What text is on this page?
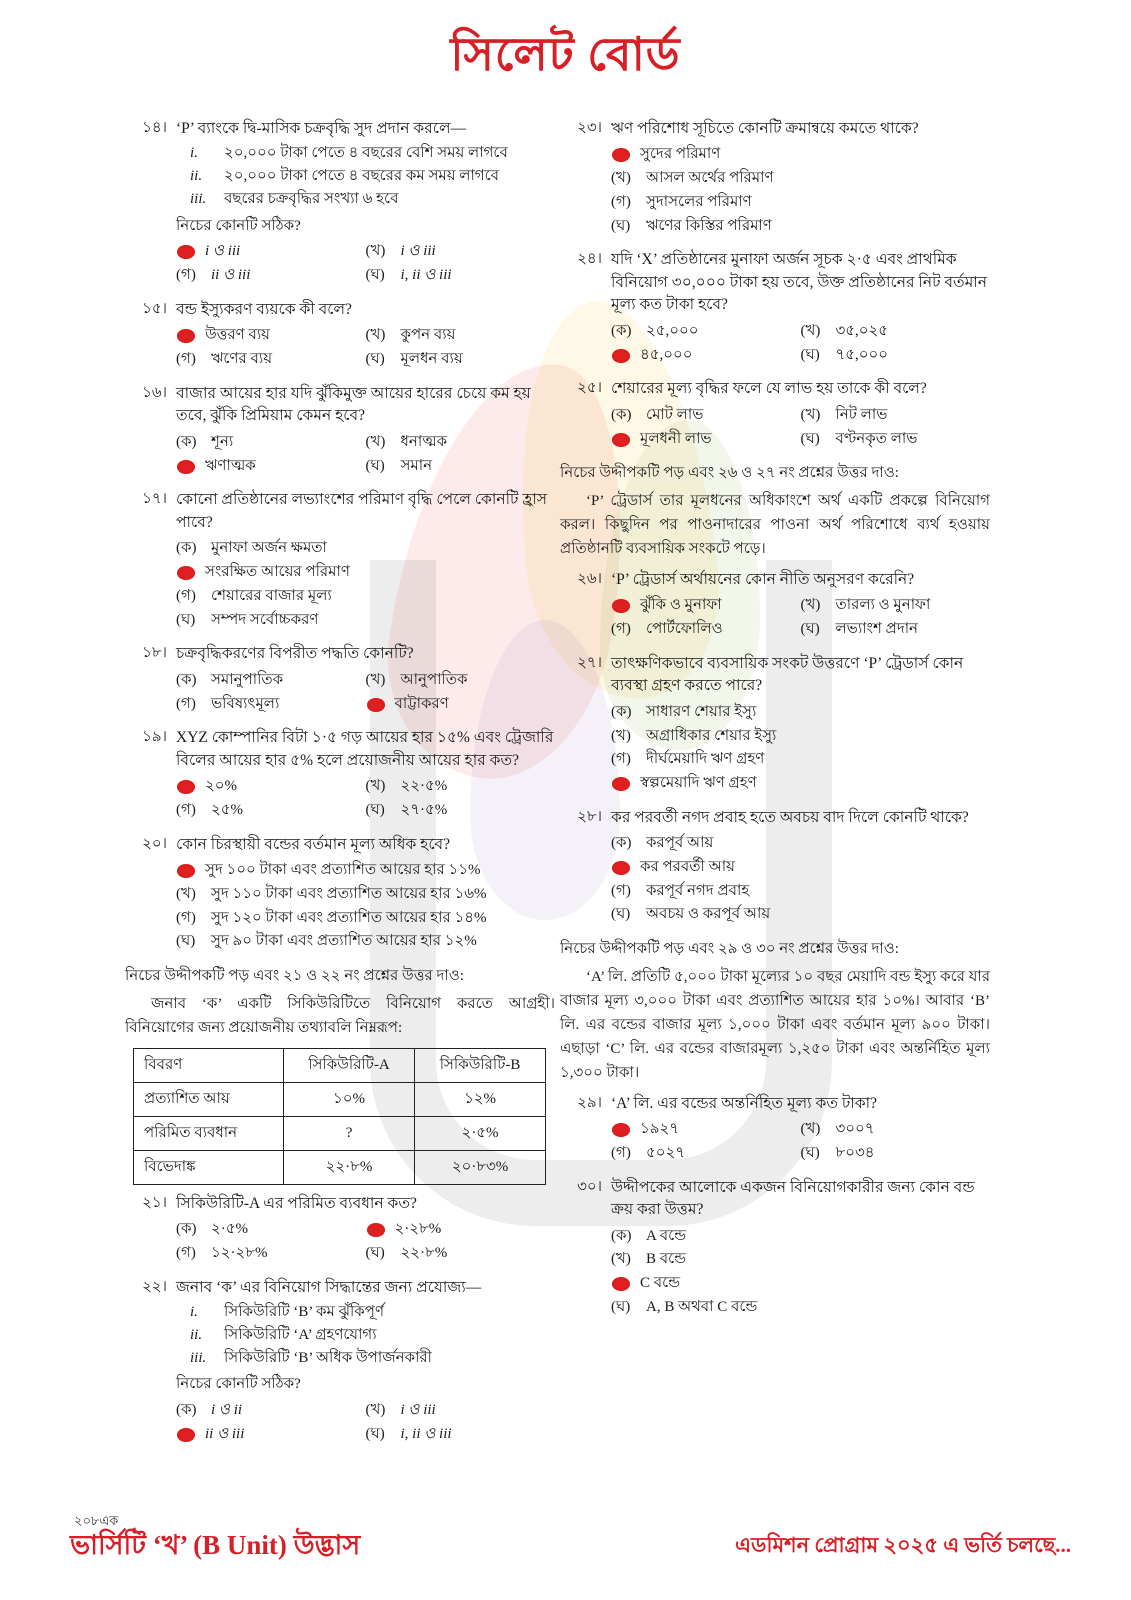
সিলেট বোর্ড
১৪। ‘P’ ব্যাংকে দ্বি-মাসিক চক্রবৃদ্ধি সুদ প্রদান করলে—
i.	২০,০০০ টাকা পেতে ৪ বছরের বেশি সময় লাগবে
ii.	২০,০০০ টাকা পেতে ৪ বছরের কম সময় লাগবে
iii.	বছরের চক্রবৃদ্ধির সংখ্যা ৬ হবে
নিচের কোনটি সঠিক?
i ও iii	(খ)	i ও iii
(গ)	ii ও iii	(ঘ)	i, ii ও iii
১৫। বন্ড ইস্যুকরণ ব্যয়কে কী বলে?
উত্তরণ ব্যয়	(খ)	কুপন ব্যয়
(গ)	ঋণের ব্যয়	(ঘ)	মূলধন ব্যয়
১৬। বাজার আয়ের হার যদি ঝুঁকিমুক্ত আয়ের হারের চেয়ে কম হয় তবে, ঝুঁকি প্রিমিয়াম কেমন হবে?
(ক) শূন্য	(খ)	ধনাত্মক
ঋণাত্মক	(ঘ)	সমান
১৭। কোনো প্রতিষ্ঠানের লভ্যাংশের পরিমাণ বৃদ্ধি পেলে কোনটি হ্রাস পাবে?
(ক) মুনাফা অর্জন ক্ষমতা
সংরক্ষিত আয়ের পরিমাণ
(গ)	শেয়ারের বাজার মূল্য
(ঘ)	সম্পদ সর্বোচ্চকরণ
১৮। চক্রবৃদ্ধিকরণের বিপরীত পদ্ধতি কোনটি?
(ক) সমানুপাতিক	(খ)	আনুপাতিক
(গ)	ভবিষ্যৎমূল্য	বাট্টাকরণ
১৯। XYZ কোম্পানির বিটা ১·৫ গড় আয়ের হার ১৫% এবং ট্রেজারি বিলের আয়ের হার ৫% হলে প্রয়োজনীয় আয়ের হার কত?
২০%	(খ)	২২·৫%
(গ)	২৫%	(ঘ)	২৭·৫%
২০। কোন চিরস্থায়ী বন্ডের বর্তমান মূল্য অধিক হবে?
সুদ ১০০ টাকা এবং প্রত্যাশিত আয়ের হার ১১%
(খ)	সুদ ১১০ টাকা এবং প্রত্যাশিত আয়ের হার ১৬%
(গ)	সুদ ১২০ টাকা এবং প্রত্যাশিত আয়ের হার ১৪%
(ঘ)	সুদ ৯০ টাকা এবং প্রত্যাশিত আয়ের হার ১২%
নিচের উদ্দীপকটি পড় এবং ২১ ও ২২ নং প্রশ্নের উত্তর দাও:
জনাব ‘ক’ একটি সিকিউরিটিতে বিনিয়োগ করতে আগ্রহী। বিনিয়োগের জন্য প্রয়োজনীয় তথ্যাবলি নিম্নরূপ:
বিবরণ	সিকিউরিটি-A	সিকিউরিটি-B
প্রত্যাশিত আয়	১০%	১২%
পরিমিত ব্যবধান	?	২·৫%
বিভেদাঙ্ক	২২·৮%	২০·৮৩%
২১। সিকিউরিটি-A এর পরিমিত ব্যবধান কত?
(ক) ২·৫%	২·২৮%
(গ)	১২·২৮%	(ঘ)	২২·৮%
২২। জনাব ‘ক’ এর বিনিয়োগ সিদ্ধান্তের জন্য প্রযোজ্য—
i.	সিকিউরিটি ‘B’ কম ঝুঁকিপূর্ণ
ii.	সিকিউরিটি ‘A’ গ্রহণযোগ্য
iii.	সিকিউরিটি ‘B’ অধিক উপার্জনকারী
নিচের কোনটি সঠিক?
(ক) i ও ii	(খ)	i ও iii
ii ও iii	(ঘ)	i, ii ও iii
২৩। ঋণ পরিশোধ সূচিতে কোনটি ক্রমান্বয়ে কমতে থাকে?
সুদের পরিমাণ
(খ)	আসল অর্থের পরিমাণ
(গ)	সুদাসলের পরিমাণ
(ঘ)	ঋণের কিস্তির পরিমাণ
২৪। যদি ‘X’ প্রতিষ্ঠানের মুনাফা অর্জন সূচক ২·৫ এবং প্রাথমিক বিনিয়োগ ৩০,০০০ টাকা হয় তবে, উক্ত প্রতিষ্ঠানের নিট বর্তমান মূল্য কত টাকা হবে?
(ক) ২৫,০০০	(খ)	৩৫,০২৫
৪৫,০০০	(ঘ)	৭৫,০০০
২৫। শেয়ারের মূল্য বৃদ্ধির ফলে যে লাভ হয় তাকে কী বলে?
(ক) মোট লাভ	(খ)	নিট লাভ
মূলধনী লাভ	(ঘ)	বণ্টনকৃত লাভ
নিচের উদ্দীপকটি পড় এবং ২৬ ও ২৭ নং প্রশ্নের উত্তর দাও:
‘P’ ট্রেডার্স তার মূলধনের অধিকাংশে অর্থ একটি প্রকল্পে বিনিয়োগ করল। কিছুদিন পর পাওনাদারের পাওনা অর্থ পরিশোধে ব্যর্থ হওয়ায় প্রতিষ্ঠানটি ব্যবসায়িক সংকটে পড়ে।
২৬। ‘P’ ট্রেডার্স অর্থায়নের কোন নীতি অনুসরণ করেনি?
ঝুঁকি ও মুনাফা	(খ)	তারল্য ও মুনাফা
(গ)	পোর্টফোলিও	(ঘ)	লভ্যাংশ প্রদান
২৭। তাৎক্ষণিকভাবে ব্যবসায়িক সংকট উত্তরণে ‘P’ ট্রেডার্স কোন ব্যবস্থা গ্রহণ করতে পারে?
(ক) সাধারণ শেয়ার ইস্যু
(খ)	অগ্রাধিকার শেয়ার ইস্যু
(গ)	দীর্ঘমেয়াদি ঋণ গ্রহণ
স্বল্পমেয়াদি ঋণ গ্রহণ
২৮। কর পরবর্তী নগদ প্রবাহ হতে অবচয় বাদ দিলে কোনটি থাকে?
(ক) করপূর্ব আয়
কর পরবর্তী আয়
(গ)	করপূর্ব নগদ প্রবাহ
(ঘ)	অবচয় ও করপূর্ব আয়
নিচের উদ্দীপকটি পড় এবং ২৯ ও ৩০ নং প্রশ্নের উত্তর দাও:
‘A’ লি. প্রতিটি ৫,০০০ টাকা মূল্যের ১০ বছর মেয়াদি বন্ড ইস্যু করে যার বাজার মূল্য ৩,০০০ টাকা এবং প্রত্যাশিত আয়ের হার ১০%। আবার ‘B’ লি. এর বন্ডের বাজার মূল্য ১,০০০ টাকা এবং বর্তমান মূল্য ৯০০ টাকা। এছাড়া ‘C’ লি. এর বন্ডের বাজারমূল্য ১,২৫০ টাকা এবং অন্তর্নিহিত মূল্য ১,৩০০ টাকা।
২৯। ‘A’ লি. এর বন্ডের অন্তর্নিহিত মূল্য কত টাকা?
১৯২৭	(খ)	৩০০৭
(গ)	৫০২৭	(ঘ)	৮০৩৪
৩০। উদ্দীপকের আলোকে একজন বিনিয়োগকারীর জন্য কোন বন্ড ক্রয় করা উত্তম?
(ক) A বন্ডে
(খ)	B বন্ডে
C বন্ডে
(ঘ)	A, B অথবা C বন্ডে
২০৮এক
ভার্সিটি ‘খ’ (B Unit) উদ্ভাস	এডমিশন প্রোগ্রাম ২০২৫ এ ভর্তি চলছে...
